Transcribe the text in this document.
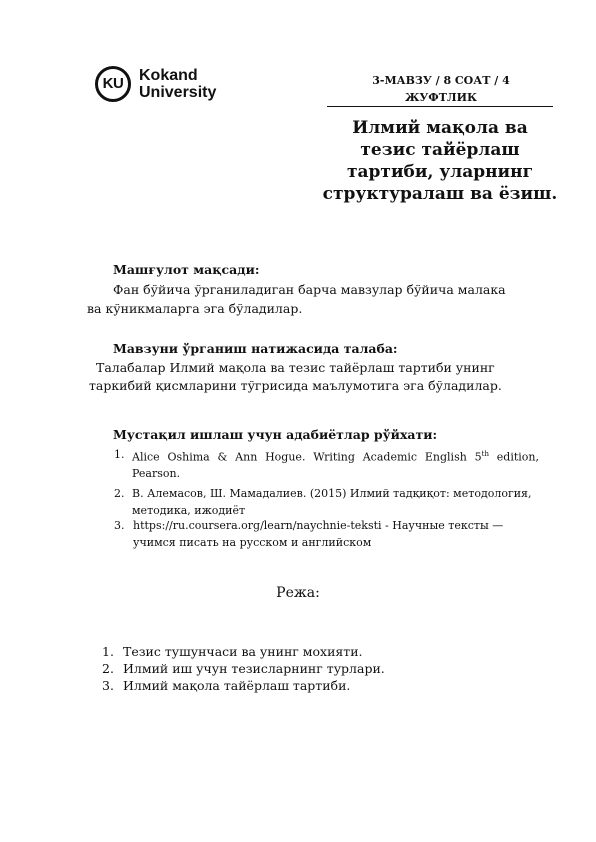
KU Kokand
University
3-МАВЗУ / 8 СОАТ / 4
ЖУФТЛИК
Илмий мақола ва тезис тайёрлаш тартиби, уларнинг структуралаш ва ёзиш.
Машғулот мақсади:
Фан бўйича ўрганиладиган барча мавзулар бўйича малака
ва кўникмаларга эга бўладилар.
Мавзуни ўрганиш натижасида талаба:
Талабалар Илмий мақола ва тезис тайёрлаш тартиби унинг
таркибий қисмларини тўгрисида маълумотига эга бўладилар.
Мустақил ишлаш учун адабиётлар рўйхати:
1. Alice Oshima & Ann Hogue. Writing Academic English 5th edition,
Pearson.
2. В. Алемасов, Ш. Мамадалиев. (2015) Илмий тадқиқот: методология, методика, ижодиёт
3. https://ru.coursera.org/learn/naychnie-teksti - Научные тексты — учимся писать на русском и английском
Режа:
1. Тезис тушунчаси ва унинг мохияти.
2. Илмий иш учун тезисларнинг турлари.
3. Илмий мақола тайёрлаш тартиби.
